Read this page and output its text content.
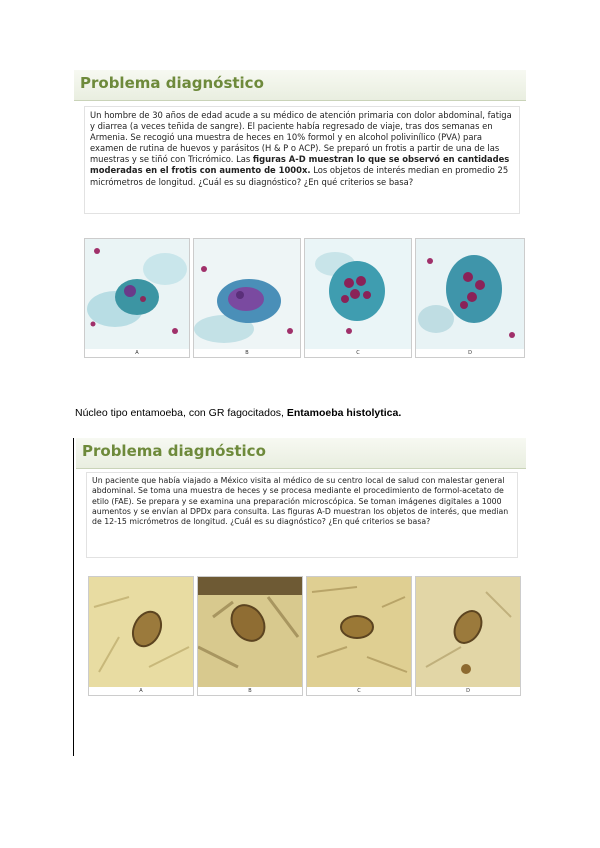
Problema diagnóstico
Un hombre de 30 años de edad acude a su médico de atención primaria con dolor abdominal, fatiga y diarrea (a veces teñida de sangre). El paciente había regresado de viaje, tras dos semanas en Armenia. Se recogió una muestra de heces en 10% formol y en alcohol polivinílico (PVA) para examen de rutina de huevos y parásitos (H & P o ACP). Se preparó un frotis a partir de una de las muestras y se tiñó con Tricrómico. Las figuras A-D muestran lo que se observó en cantidades moderadas en el frotis con aumento de 1000x. Los objetos de interés median en promedio 25 micrómetros de longitud. ¿Cuál es su diagnóstico? ¿En qué criterios se basa?
A	B	C	D
Núcleo tipo entamoeba, con GR fagocitados, Entamoeba histolytica.
Problema diagnóstico
Un paciente que había viajado a México visita al médico de su centro local de salud con malestar general abdominal. Se toma una muestra de heces y se procesa mediante el procedimiento de formol-acetato de etilo (FAE). Se prepara y se examina una preparación microscópica. Se toman imágenes digitales a 1000 aumentos y se envían al DPDx para consulta. Las figuras A-D muestran los objetos de interés, que median de 12-15 micrómetros de longitud. ¿Cuál es su diagnóstico? ¿En qué criterios se basa?
A	B	C	D
